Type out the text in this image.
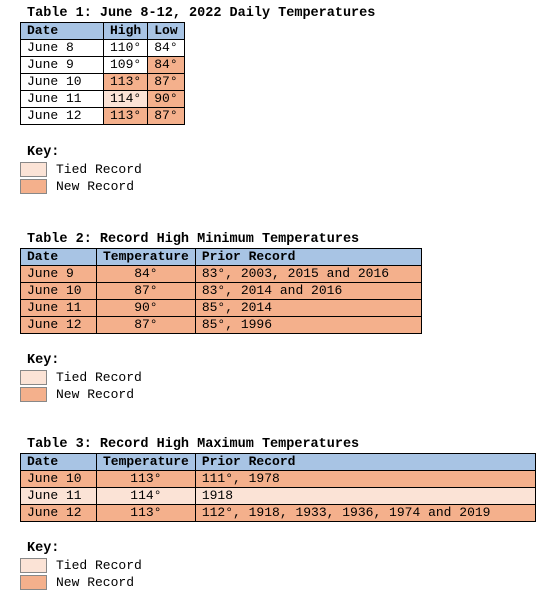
Table 1: June 8-12, 2022 Daily Temperatures
Date	High	Low
June 8	110°	84°
June 9	109°	84°
June 10	113°	87°
June 11	114°	90°
June 12	113°	87°
Key:
Tied Record
New Record
Table 2: Record High Minimum Temperatures
Date	Temperature	Prior Record
June 9	84°	83°, 2003, 2015 and 2016
June 10	87°	83°, 2014 and 2016
June 11	90°	85°, 2014
June 12	87°	85°, 1996
Key:
Tied Record
New Record
Table 3: Record High Maximum Temperatures
Date	Temperature	Prior Record
June 10	113°	111°, 1978
June 11	114°	1918
June 12	113°	112°, 1918, 1933, 1936, 1974 and 2019
Key:
Tied Record
New Record
